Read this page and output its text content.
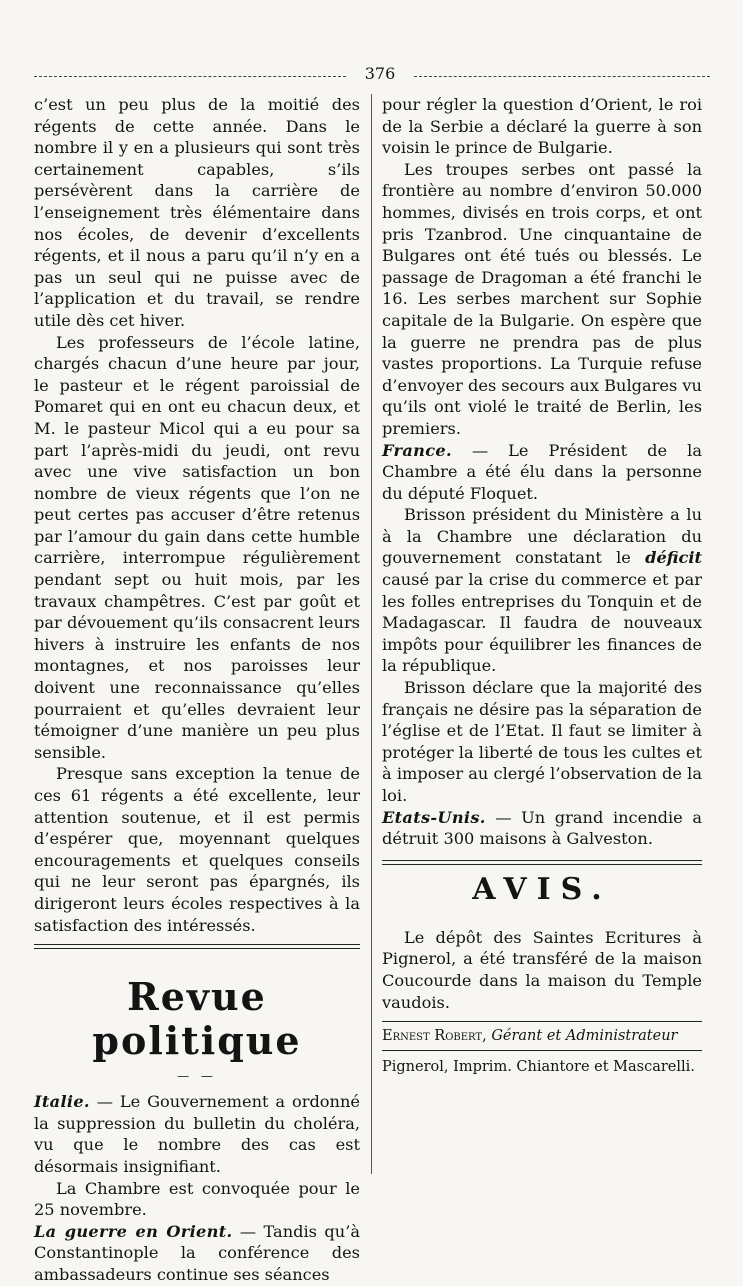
376

c’est un peu plus de la moitié des régents de cette année. Dans le nombre il y en a plusieurs qui sont très certainement capables, s’ils persévèrent dans la carrière de l’enseignement très élémentaire dans nos écoles, de devenir d’excellents régents, et il nous a paru qu’il n’y en a pas un seul qui ne puisse avec de l’application et du travail, se rendre utile dès cet hiver.

Les professeurs de l’école latine, chargés chacun d’une heure par jour, le pasteur et le régent paroissial de Pomaret qui en ont eu chacun deux, et M. le pasteur Micol qui a eu pour sa part l’après-midi du jeudi, ont revu avec une vive satisfaction un bon nombre de vieux régents que l’on ne peut certes pas accuser d’être retenus par l’amour du gain dans cette humble carrière, interrompue régulièrement pendant sept ou huit mois, par les travaux champêtres. C’est par goût et par dévouement qu’ils consacrent leurs hivers à instruire les enfants de nos montagnes, et nos paroisses leur doivent une reconnaissance qu’elles pourraient et qu’elles devraient leur témoigner d’une manière un peu plus sensible.

Presque sans exception la tenue de ces 61 régents a été excellente, leur attention soutenue, et il est permis d’espérer que, moyennant quelques encouragements et quelques conseils qui ne leur seront pas épargnés, ils dirigeront leurs écoles respectives à la satisfaction des intéressés.

Revue politique
— —

Italie. — Le Gouvernement a ordonné la suppression du bulletin du choléra, vu que le nombre des cas est désormais insignifiant.

La Chambre est convoquée pour le 25 novembre.

La guerre en Orient. — Tandis qu’à Constantinople la conférence des ambassadeurs continue ses séances

pour régler la question d’Orient, le roi de la Serbie a déclaré la guerre à son voisin le prince de Bulgarie.

Les troupes serbes ont passé la frontière au nombre d’environ 50.000 hommes, divisés en trois corps, et ont pris Tzanbrod. Une cinquantaine de Bulgares ont été tués ou blessés. Le passage de Dragoman a été franchi le 16. Les serbes marchent sur Sophie capitale de la Bulgarie. On espère que la guerre ne prendra pas de plus vastes proportions. La Turquie refuse d’envoyer des secours aux Bulgares vu qu’ils ont violé le traité de Berlin, les premiers.

France. — Le Président de la Chambre a été élu dans la personne du député Floquet.

Brisson président du Ministère a lu à la Chambre une déclaration du gouvernement constatant le déficit causé par la crise du commerce et par les folles entreprises du Tonquin et de Madagascar. Il faudra de nouveaux impôts pour équilibrer les finances de la république.

Brisson déclare que la majorité des français ne désire pas la séparation de l’église et de l’Etat. Il faut se limiter à protéger la liberté de tous les cultes et à imposer au clergé l’observation de la loi.

Etats-Unis. — Un grand incendie a détruit 300 maisons à Galveston.

AVIS.

Le dépôt des Saintes Ecritures à Pignerol, a été transféré de la maison Coucourde dans la maison du Temple vaudois.

Ernest Robert, Gérant et Administrateur
Pignerol, Imprim. Chiantore et Mascarelli.
